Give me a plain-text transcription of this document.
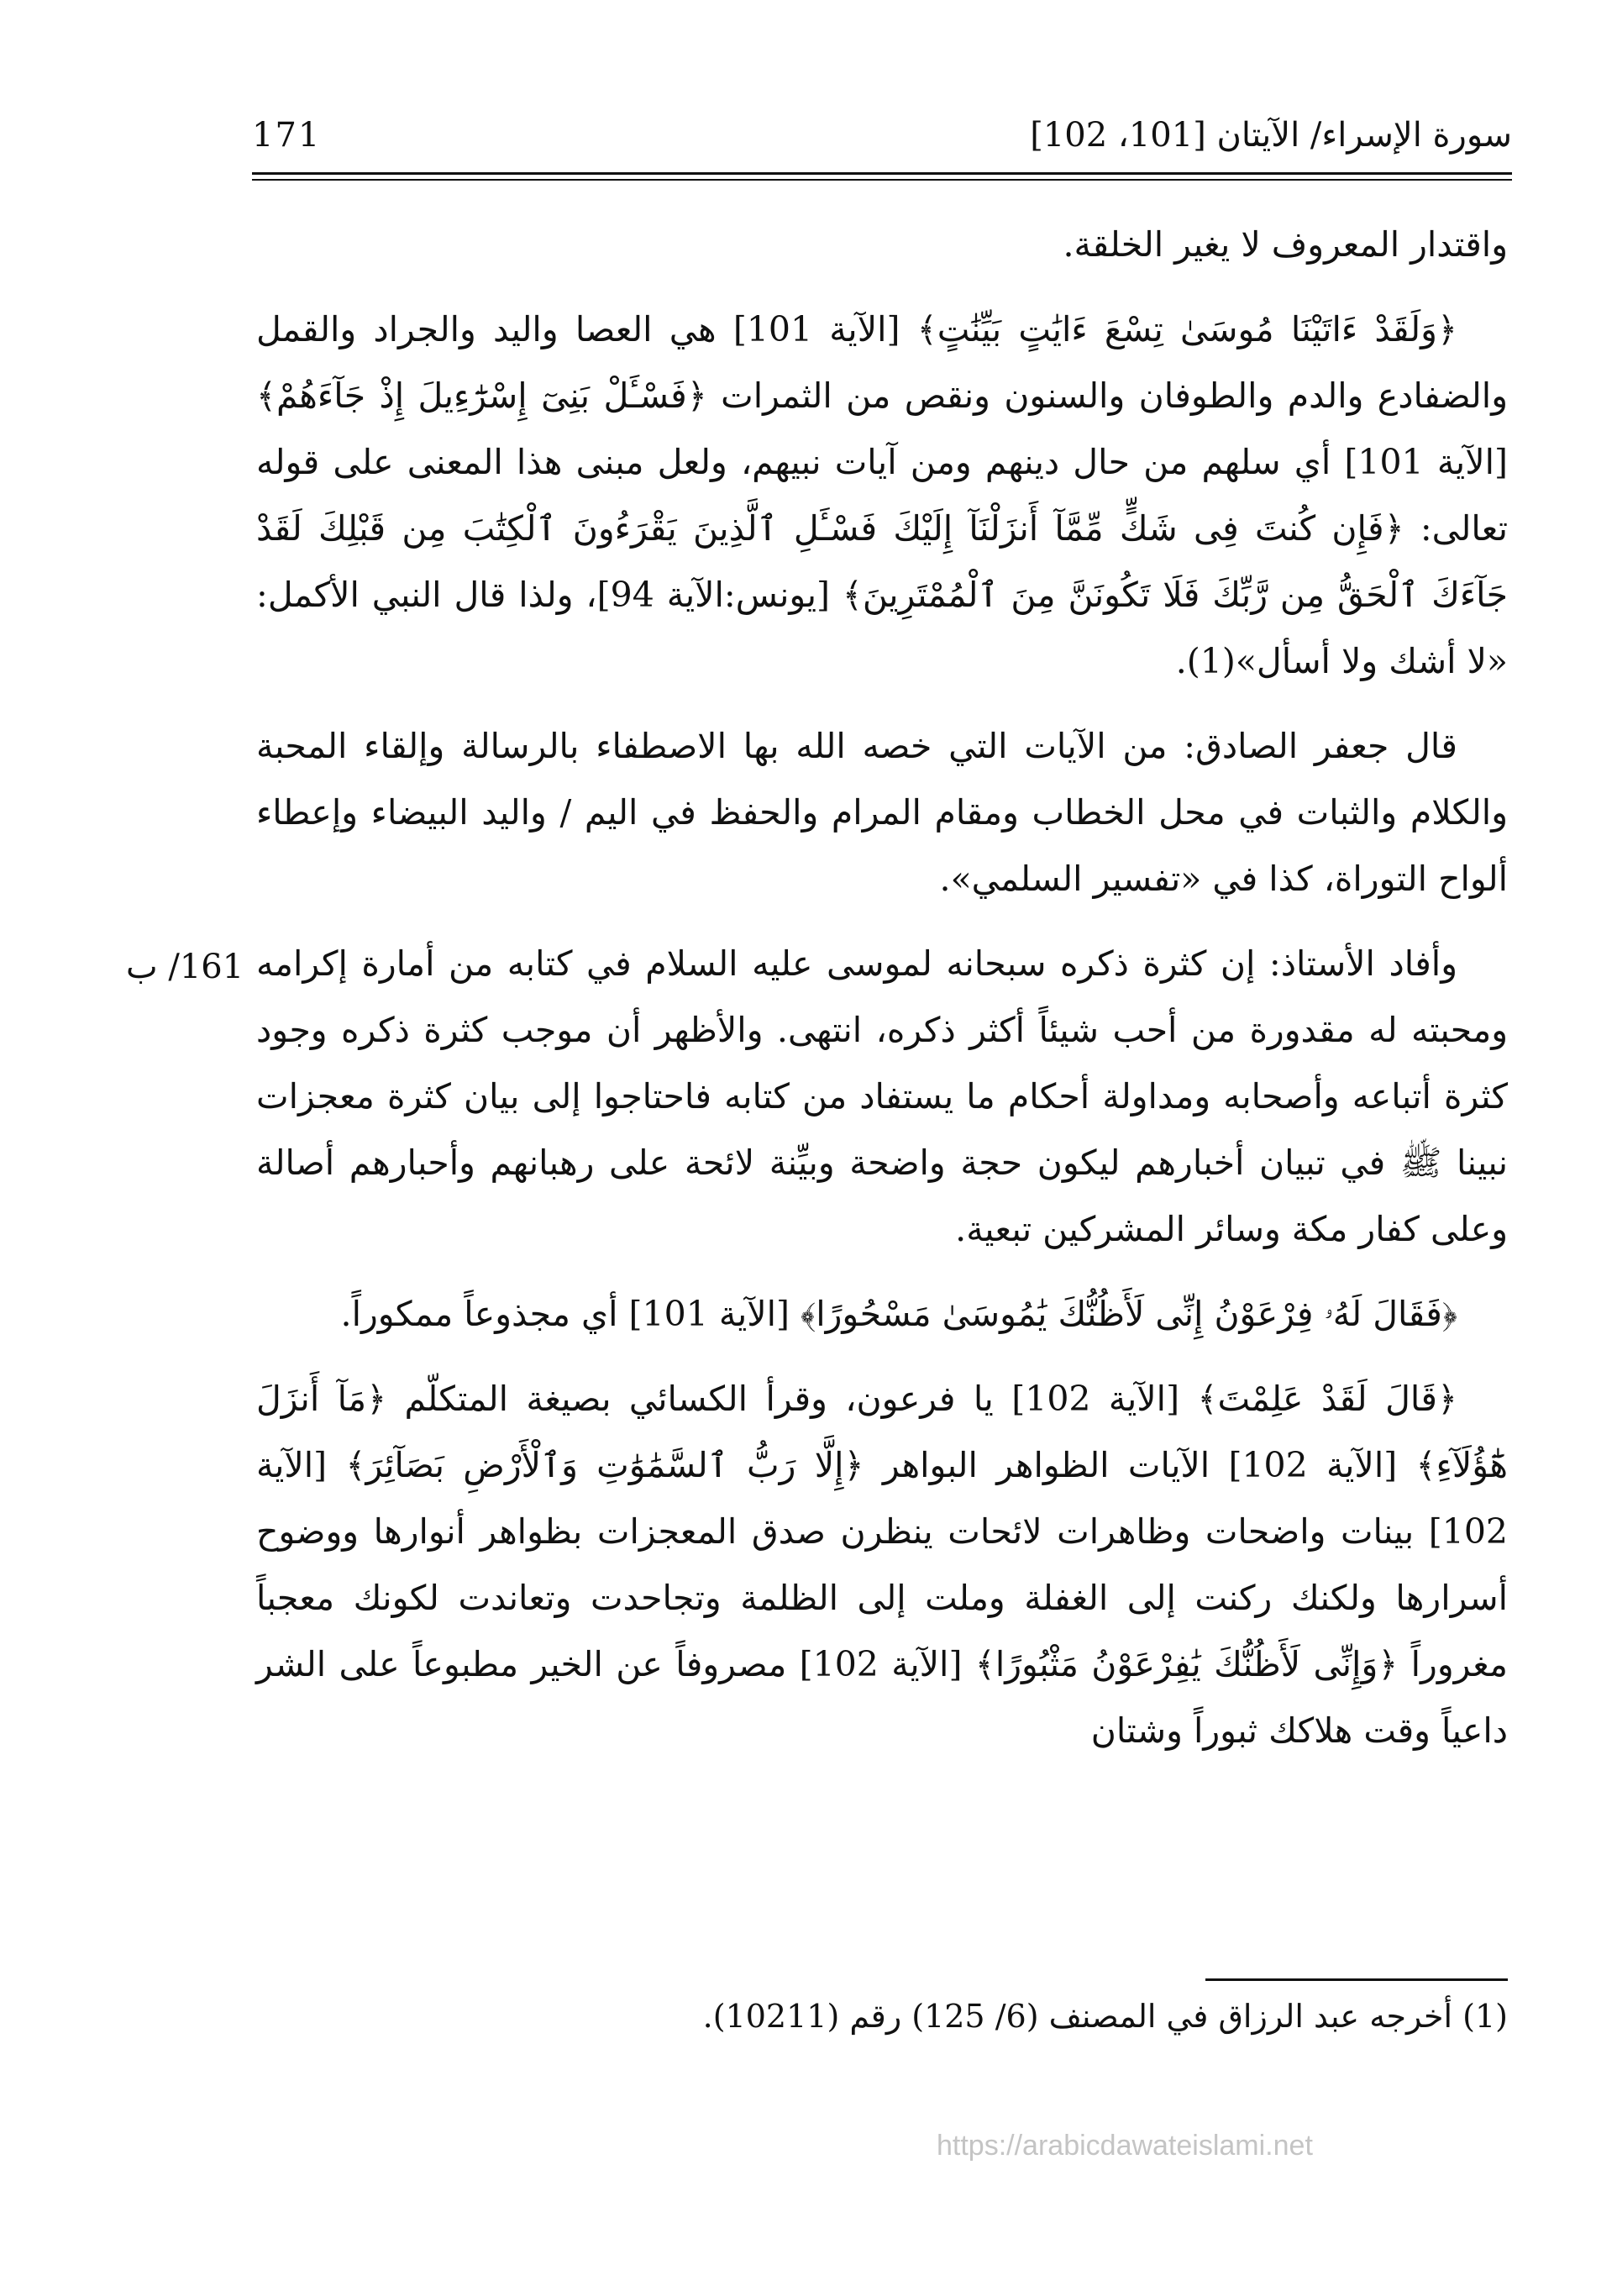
سورة الإسراء/ الآيتان [101، 102]
171

واقتدار المعروف لا يغير الخلقة.

﴿وَلَقَدْ ءَاتَيْنَا مُوسَىٰ تِسْعَ ءَايَٰتٍ بَيِّنَٰتٍ﴾ [الآية 101] هي العصا واليد والجراد والقمل والضفادع والدم والطوفان والسنون ونقص من الثمرات ﴿فَسْـَٔلْ بَنِىٓ إِسْرَٰٓءِيلَ إِذْ جَآءَهُمْ﴾ [الآية 101] أي سلهم من حال دينهم ومن آيات نبيهم، ولعل مبنى هذا المعنى على قوله تعالى: ﴿فَإِن كُنتَ فِى شَكٍّ مِّمَّآ أَنزَلْنَآ إِلَيْكَ فَسْـَٔلِ ٱلَّذِينَ يَقْرَءُونَ ٱلْكِتَٰبَ مِن قَبْلِكَ لَقَدْ جَآءَكَ ٱلْحَقُّ مِن رَّبِّكَ فَلَا تَكُونَنَّ مِنَ ٱلْمُمْتَرِينَ﴾ [يونس:الآية 94]، ولذا قال النبي الأكمل: «لا أشك ولا أسأل»(1).

قال جعفر الصادق: من الآيات التي خصه الله بها الاصطفاء بالرسالة وإلقاء المحبة والكلام والثبات في محل الخطاب ومقام المرام والحفظ في اليم / واليد البيضاء وإعطاء ألواح التوراة، كذا في «تفسير السلمي».

وأفاد الأستاذ: إن كثرة ذكره سبحانه لموسى عليه السلام في كتابه من أمارة إكرامه ومحبته له مقدورة من أحب شيئاً أكثر ذكره، انتهى. والأظهر أن موجب كثرة ذكره وجود كثرة أتباعه وأصحابه ومداولة أحكام ما يستفاد من كتابه فاحتاجوا إلى بيان كثرة معجزات نبينا ﷺ في تبيان أخبارهم ليكون حجة واضحة وبيِّنة لائحة على رهبانهم وأحبارهم أصالة وعلى كفار مكة وسائر المشركين تبعية.

﴿فَقَالَ لَهُۥ فِرْعَوْنُ إِنِّى لَأَظُنُّكَ يَٰمُوسَىٰ مَسْحُورًا﴾ [الآية 101] أي مجذوعاً ممكوراً.

﴿قَالَ لَقَدْ عَلِمْتَ﴾ [الآية 102] يا فرعون، وقرأ الكسائي بصيغة المتكلّم ﴿مَآ أَنزَلَ هَٰٓؤُلَآءِ﴾ [الآية 102] الآيات الظواهر البواهر ﴿إِلَّا رَبُّ ٱلسَّمَٰوَٰتِ وَٱلْأَرْضِ بَصَآئِرَ﴾ [الآية 102] بينات واضحات وظاهرات لائحات ينظرن صدق المعجزات بظواهر أنوارها ووضوح أسرارها ولكنك ركنت إلى الغفلة وملت إلى الظلمة وتجاحدت وتعاندت لكونك معجباً مغروراً ﴿وَإِنِّى لَأَظُنُّكَ يَٰفِرْعَوْنُ مَثْبُورًا﴾ [الآية 102] مصروفاً عن الخير مطبوعاً على الشر داعياً وقت هلاكك ثبوراً وشتان

161/ ب
(1) أخرجه عبد الرزاق في المصنف (6/ 125) رقم (10211).
https://arabicdawateislami.net
